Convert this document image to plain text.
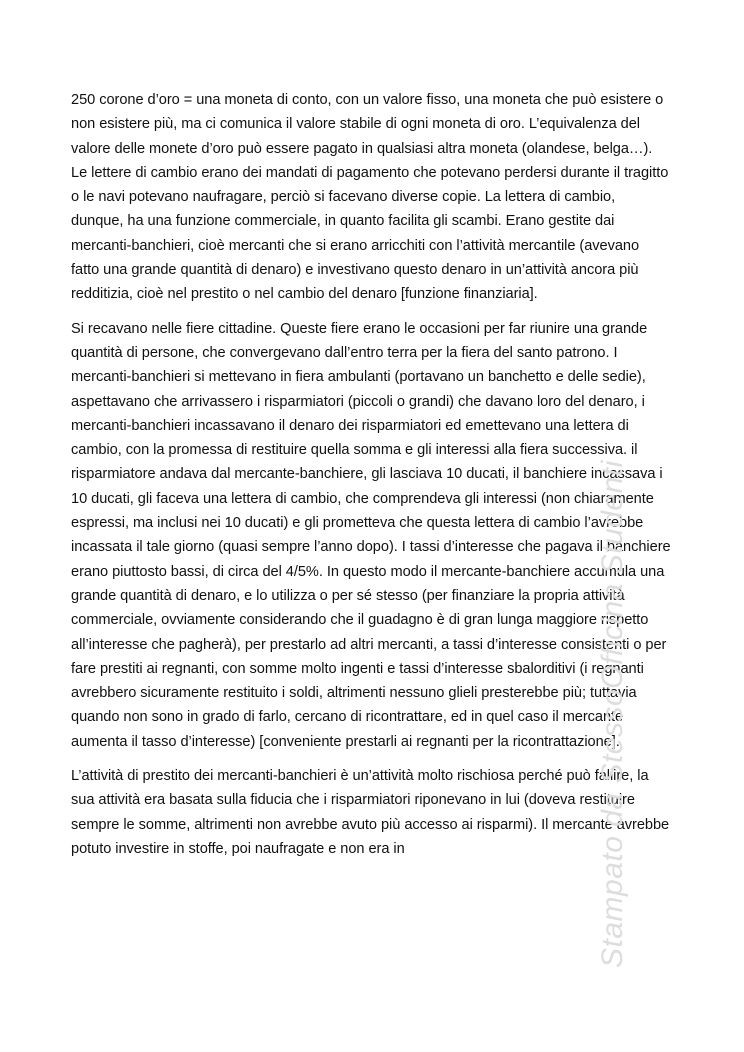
250 corone d’oro = una moneta di conto, con un valore fisso, una moneta che può esistere o non esistere più, ma ci comunica il valore stabile di ogni moneta di oro. L’equivalenza del valore delle monete d’oro può essere pagato in qualsiasi altra moneta (olandese, belga…). Le lettere di cambio erano dei mandati di pagamento che potevano perdersi durante il tragitto o le navi potevano naufragare, perciò si facevano diverse copie. La lettera di cambio, dunque, ha una funzione commerciale, in quanto facilita gli scambi. Erano gestite dai mercanti-banchieri, cioè mercanti che si erano arricchiti con l’attività mercantile (avevano fatto una grande quantità di denaro) e investivano questo denaro in un’attività ancora più redditizia, cioè nel prestito o nel cambio del denaro [funzione finanziaria].

Si recavano nelle fiere cittadine. Queste fiere erano le occasioni per far riunire una grande quantità di persone, che convergevano dall’entro terra per la fiera del santo patrono. I mercanti-banchieri si mettevano in fiera ambulanti (portavano un banchetto e delle sedie), aspettavano che arrivassero i risparmiatori (piccoli o grandi) che davano loro del denaro, i mercanti-banchieri incassavano il denaro dei risparmiatori ed emettevano una lettera di cambio, con la promessa di restituire quella somma e gli interessi alla fiera successiva. il risparmiatore andava dal mercante-banchiere, gli lasciava 10 ducati, il banchiere incassava i 10 ducati, gli faceva una lettera di cambio, che comprendeva gli interessi (non chiaramente espressi, ma inclusi nei 10 ducati) e gli prometteva che questa lettera di cambio l’avrebbe incassata il tale giorno (quasi sempre l’anno dopo). I tassi d’interesse che pagava il banchiere erano piuttosto bassi, di circa del 4/5%. In questo modo il mercante-banchiere accumula una grande quantità di denaro, e lo utilizza o per sé stesso (per finanziare la propria attività commerciale, ovviamente considerando che il guadagno è di gran lunga maggiore rispetto all’interesse che pagherà), per prestarlo ad altri mercanti, a tassi d’interesse consistenti o per fare prestiti ai regnanti, con somme molto ingenti e tassi d’interesse sbalorditivi (i regnanti avrebbero sicuramente restituito i soldi, altrimenti nessuno glieli presterebbe più; tuttavia quando non sono in grado di farlo, cercano di ricontrattare, ed in quel caso il mercante aumenta il tasso d’interesse) [conveniente prestarli ai regnanti per la ricontrattazione].

L’attività di prestito dei mercanti-banchieri è un’attività molto rischiosa perché può fallire, la sua attività era basata sulla fiducia che i risparmiatori riponevano in lui (doveva restituire sempre le somme, altrimenti non avrebbe avuto più accesso ai risparmi). Il mercante avrebbe potuto investire in stoffe, poi naufragate e non era in	Stampato da StessoOfficina Studenti
